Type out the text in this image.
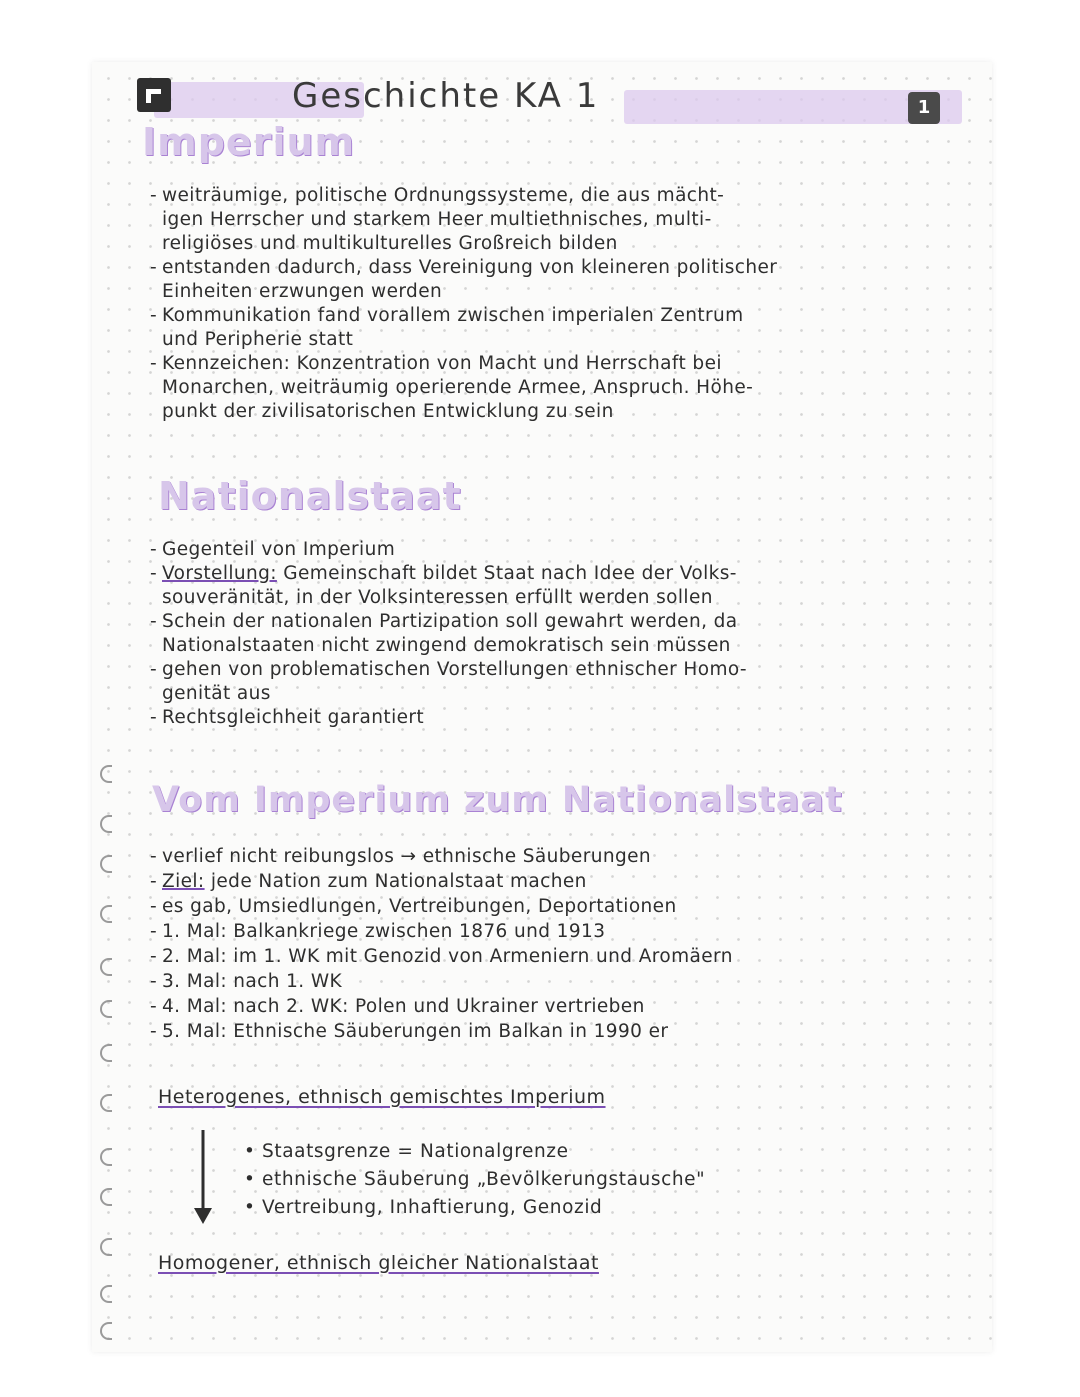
Geschichte KA 1	1
Imperium

- weiträumige, politische Ordnungssysteme, die aus mächt-

igen Herrscher und starkem Heer multiethnisches, multi-

religiöses und multikulturelles Großreich bilden

- entstanden dadurch, dass Vereinigung von kleineren politischer

Einheiten erzwungen werden

- Kommunikation fand vorallem zwischen imperialen Zentrum

und Peripherie statt

- Kennzeichen: Konzentration von Macht und Herrschaft bei

Monarchen, weiträumig operierende Armee, Anspruch. Höhe-

punkt der zivilisatorischen Entwicklung zu sein

Nationalstaat

- Gegenteil von Imperium

- Vorstellung: Gemeinschaft bildet Staat nach Idee der Volks-

souveränität, in der Volksinteressen erfüllt werden sollen

- Schein der nationalen Partizipation soll gewahrt werden, da

Nationalstaaten nicht zwingend demokratisch sein müssen

- gehen von problematischen Vorstellungen ethnischer Homo-

genität aus

- Rechtsgleichheit garantiert

Vom Imperium zum Nationalstaat

- verlief nicht reibungslos → ethnische Säuberungen

- Ziel: jede Nation zum Nationalstaat machen

- es gab, Umsiedlungen, Vertreibungen, Deportationen

- 1. Mal: Balkankriege zwischen 1876 und 1913

- 2. Mal: im 1. WK mit Genozid von Armeniern und Aromäern

- 3. Mal: nach 1. WK

- 4. Mal: nach 2. WK: Polen und Ukrainer vertrieben

- 5. Mal: Ethnische Säuberungen im Balkan in 1990 er

Heterogenes, ethnisch gemischtes Imperium

• Staatsgrenze = Nationalgrenze

• ethnische Säuberung „Bevölkerungstausche"

• Vertreibung, Inhaftierung, Genozid

Homogener, ethnisch gleicher Nationalstaat
